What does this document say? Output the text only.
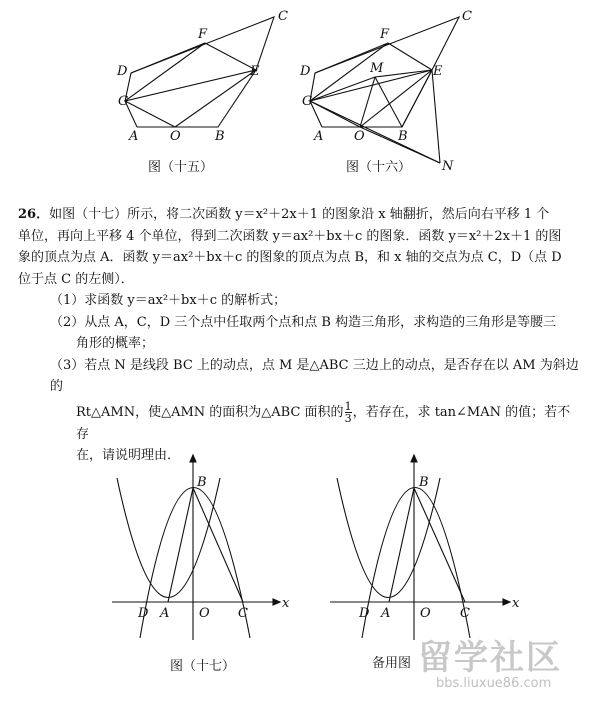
C
F
D	E
G
A O	B
C
F
D	M	E
G
A O	B
N
B
D A O C
x
B
D A O C
x
图（十五）	图（十六）
图（十七）	备用图

26．如图（十七）所示，将二次函数 y＝x²＋2x＋1 的图象沿 x 轴翻折，然后向右平移 1 个

单位，再向上平移 4 个单位，得到二次函数 y＝ax²＋bx＋c 的图象．函数 y＝x²＋2x＋1 的图

象的顶点为点 A．函数 y＝ax²＋bx＋c 的图象的顶点为点 B，和 x 轴的交点为点 C，D（点 D

位于点 C 的左侧）．

（1）求函数 y＝ax²＋bx＋c 的解析式；

（2）从点 A，C，D 三个点中任取两个点和点 B 构造三角形，求构造的三角形是等腰三

角形的概率；

（3）若点 N 是线段 BC 上的动点，点 M 是△ABC 三边上的动点，是否存在以 AM 为斜边的

Rt△AMN，使△AMN 的面积为△ABC 面积的 $\frac{1}{3}$ ，若存在，求 tan∠MAN 的值；若不存

在，请说明理由．

留学社区
bbs.liuxue86.com
